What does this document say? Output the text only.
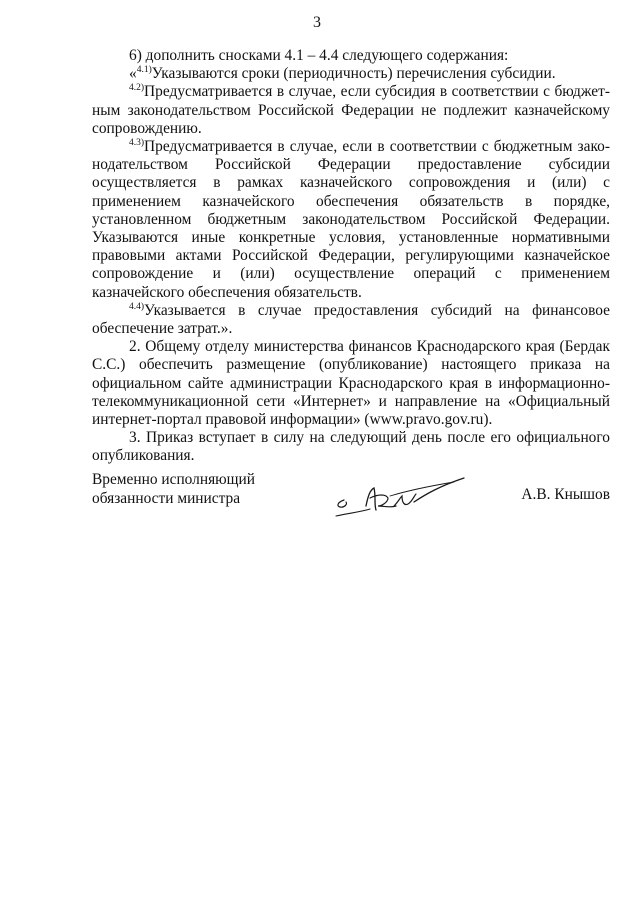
3

6) дополнить сносками 4.1 – 4.4 следующего содержания:

«$^{4.1)}$Указываются сроки (периодичность) перечисления субсидии.

$^{4.2)}$Предусматривается в случае, если субсидия в соответствии с бюджетным законодательством Российской Федерации не подлежит казначейскому сопровождению.

$^{4.3)}$Предусматривается в случае, если в соответствии с бюджетным законодательством Российской Федерации предоставление субсидии осуществляется в рамках казначейского сопровождения и (или) с применением казначейского обеспечения обязательств в порядке, установленном бюджетным законодательством Российской Федерации. Указываются иные конкретные условия, установленные нормативными правовыми актами Российской Федерации, регулирующими казначейское сопровождение и (или) осуществление операций с применением казначейского обеспечения обязательств.

$^{4.4)}$Указывается в случае предоставления субсидий на финансовое обеспечение затрат.».

2. Общему отделу министерства финансов Краснодарского края (Бердак С.С.) обеспечить размещение (опубликование) настоящего приказа на официальном сайте администрации Краснодарского края в информационно-телекоммуникационной сети «Интернет» и направление на «Официальный интернет-портал правовой информации» (www.pravo.gov.ru).

3. Приказ вступает в силу на следующий день после его официального опубликования.

Временно исполняющий
обязанности министра	А.В. Кнышов
